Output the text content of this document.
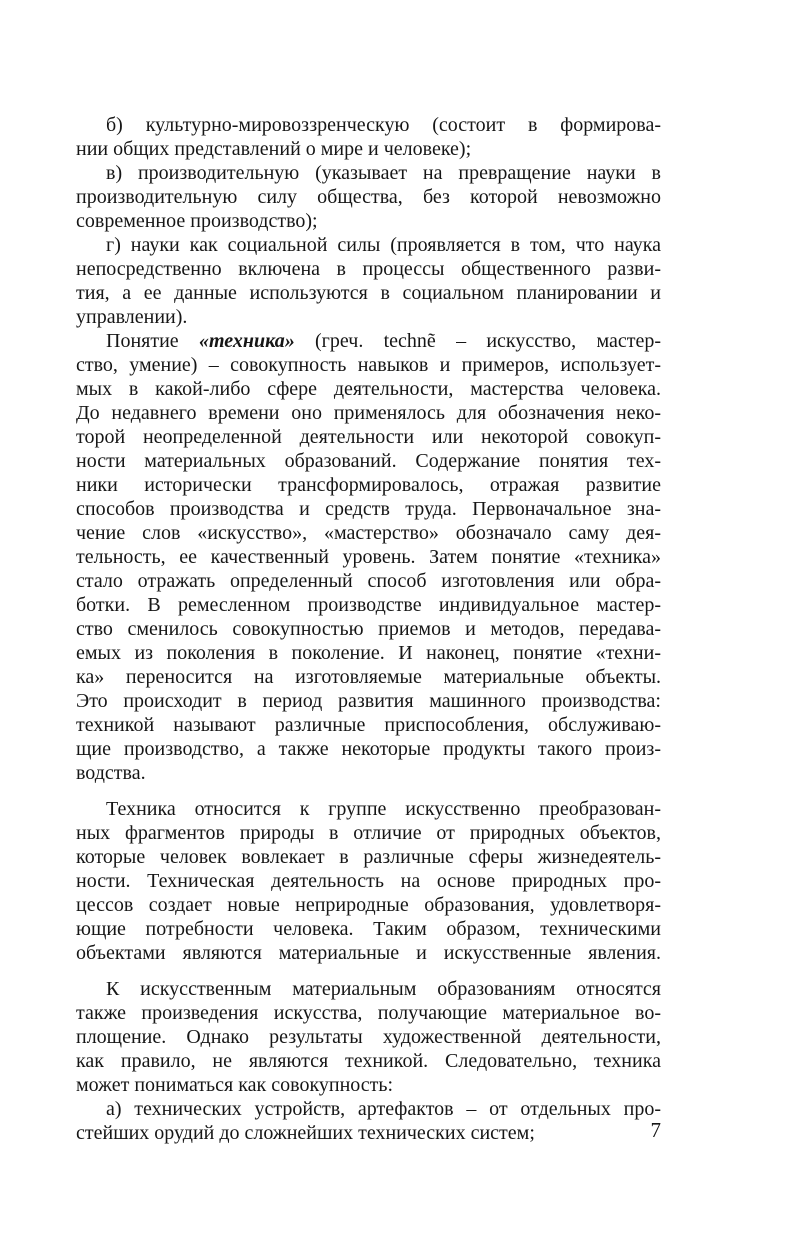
б) культурно-мировоззренческую (состоит в формирова-
нии общих представлений о мире и человеке);
в) производительную (указывает на превращение науки в
производительную силу общества, без которой невозможно
современное производство);
г) науки как социальной силы (проявляется в том, что наука
непосредственно включена в процессы общественного разви-
тия, а ее данные используются в социальном планировании и
управлении).
Понятие «техника» (греч. technẽ – искусство, мастер-
ство, умение) – совокупность навыков и примеров, использует-
мых в какой-либо сфере деятельности, мастерства человека.
До недавнего времени оно применялось для обозначения неко-
торой неопределенной деятельности или некоторой совокуп-
ности материальных образований. Содержание понятия тех-
ники исторически трансформировалось, отражая развитие
способов производства и средств труда. Первоначальное зна-
чение слов «искусство», «мастерство» обозначало саму дея-
тельность, ее качественный уровень. Затем понятие «техника»
стало отражать определенный способ изготовления или обра-
ботки. В ремесленном производстве индивидуальное мастер-
ство сменилось совокупностью приемов и методов, передава-
емых из поколения в поколение. И наконец, понятие «техни-
ка» переносится на изготовляемые материальные объекты.
Это происходит в период развития машинного производства:
техникой называют различные приспособления, обслуживаю-
щие производство, а также некоторые продукты такого произ-
водства.
Техника относится к группе искусственно преобразован-
ных фрагментов природы в отличие от природных объектов,
которые человек вовлекает в различные сферы жизнедеятель-
ности. Техническая деятельность на основе природных про-
цессов создает новые неприродные образования, удовлетворя-
ющие потребности человека. Таким образом, техническими
объектами являются материальные и искусственные явления.
К искусственным материальным образованиям относятся
также произведения искусства, получающие материальное во-
площение. Однако результаты художественной деятельности,
как правило, не являются техникой. Следовательно, техника
может пониматься как совокупность:
а) технических устройств, артефактов – от отдельных про-
стейших орудий до сложнейших технических систем;	7
